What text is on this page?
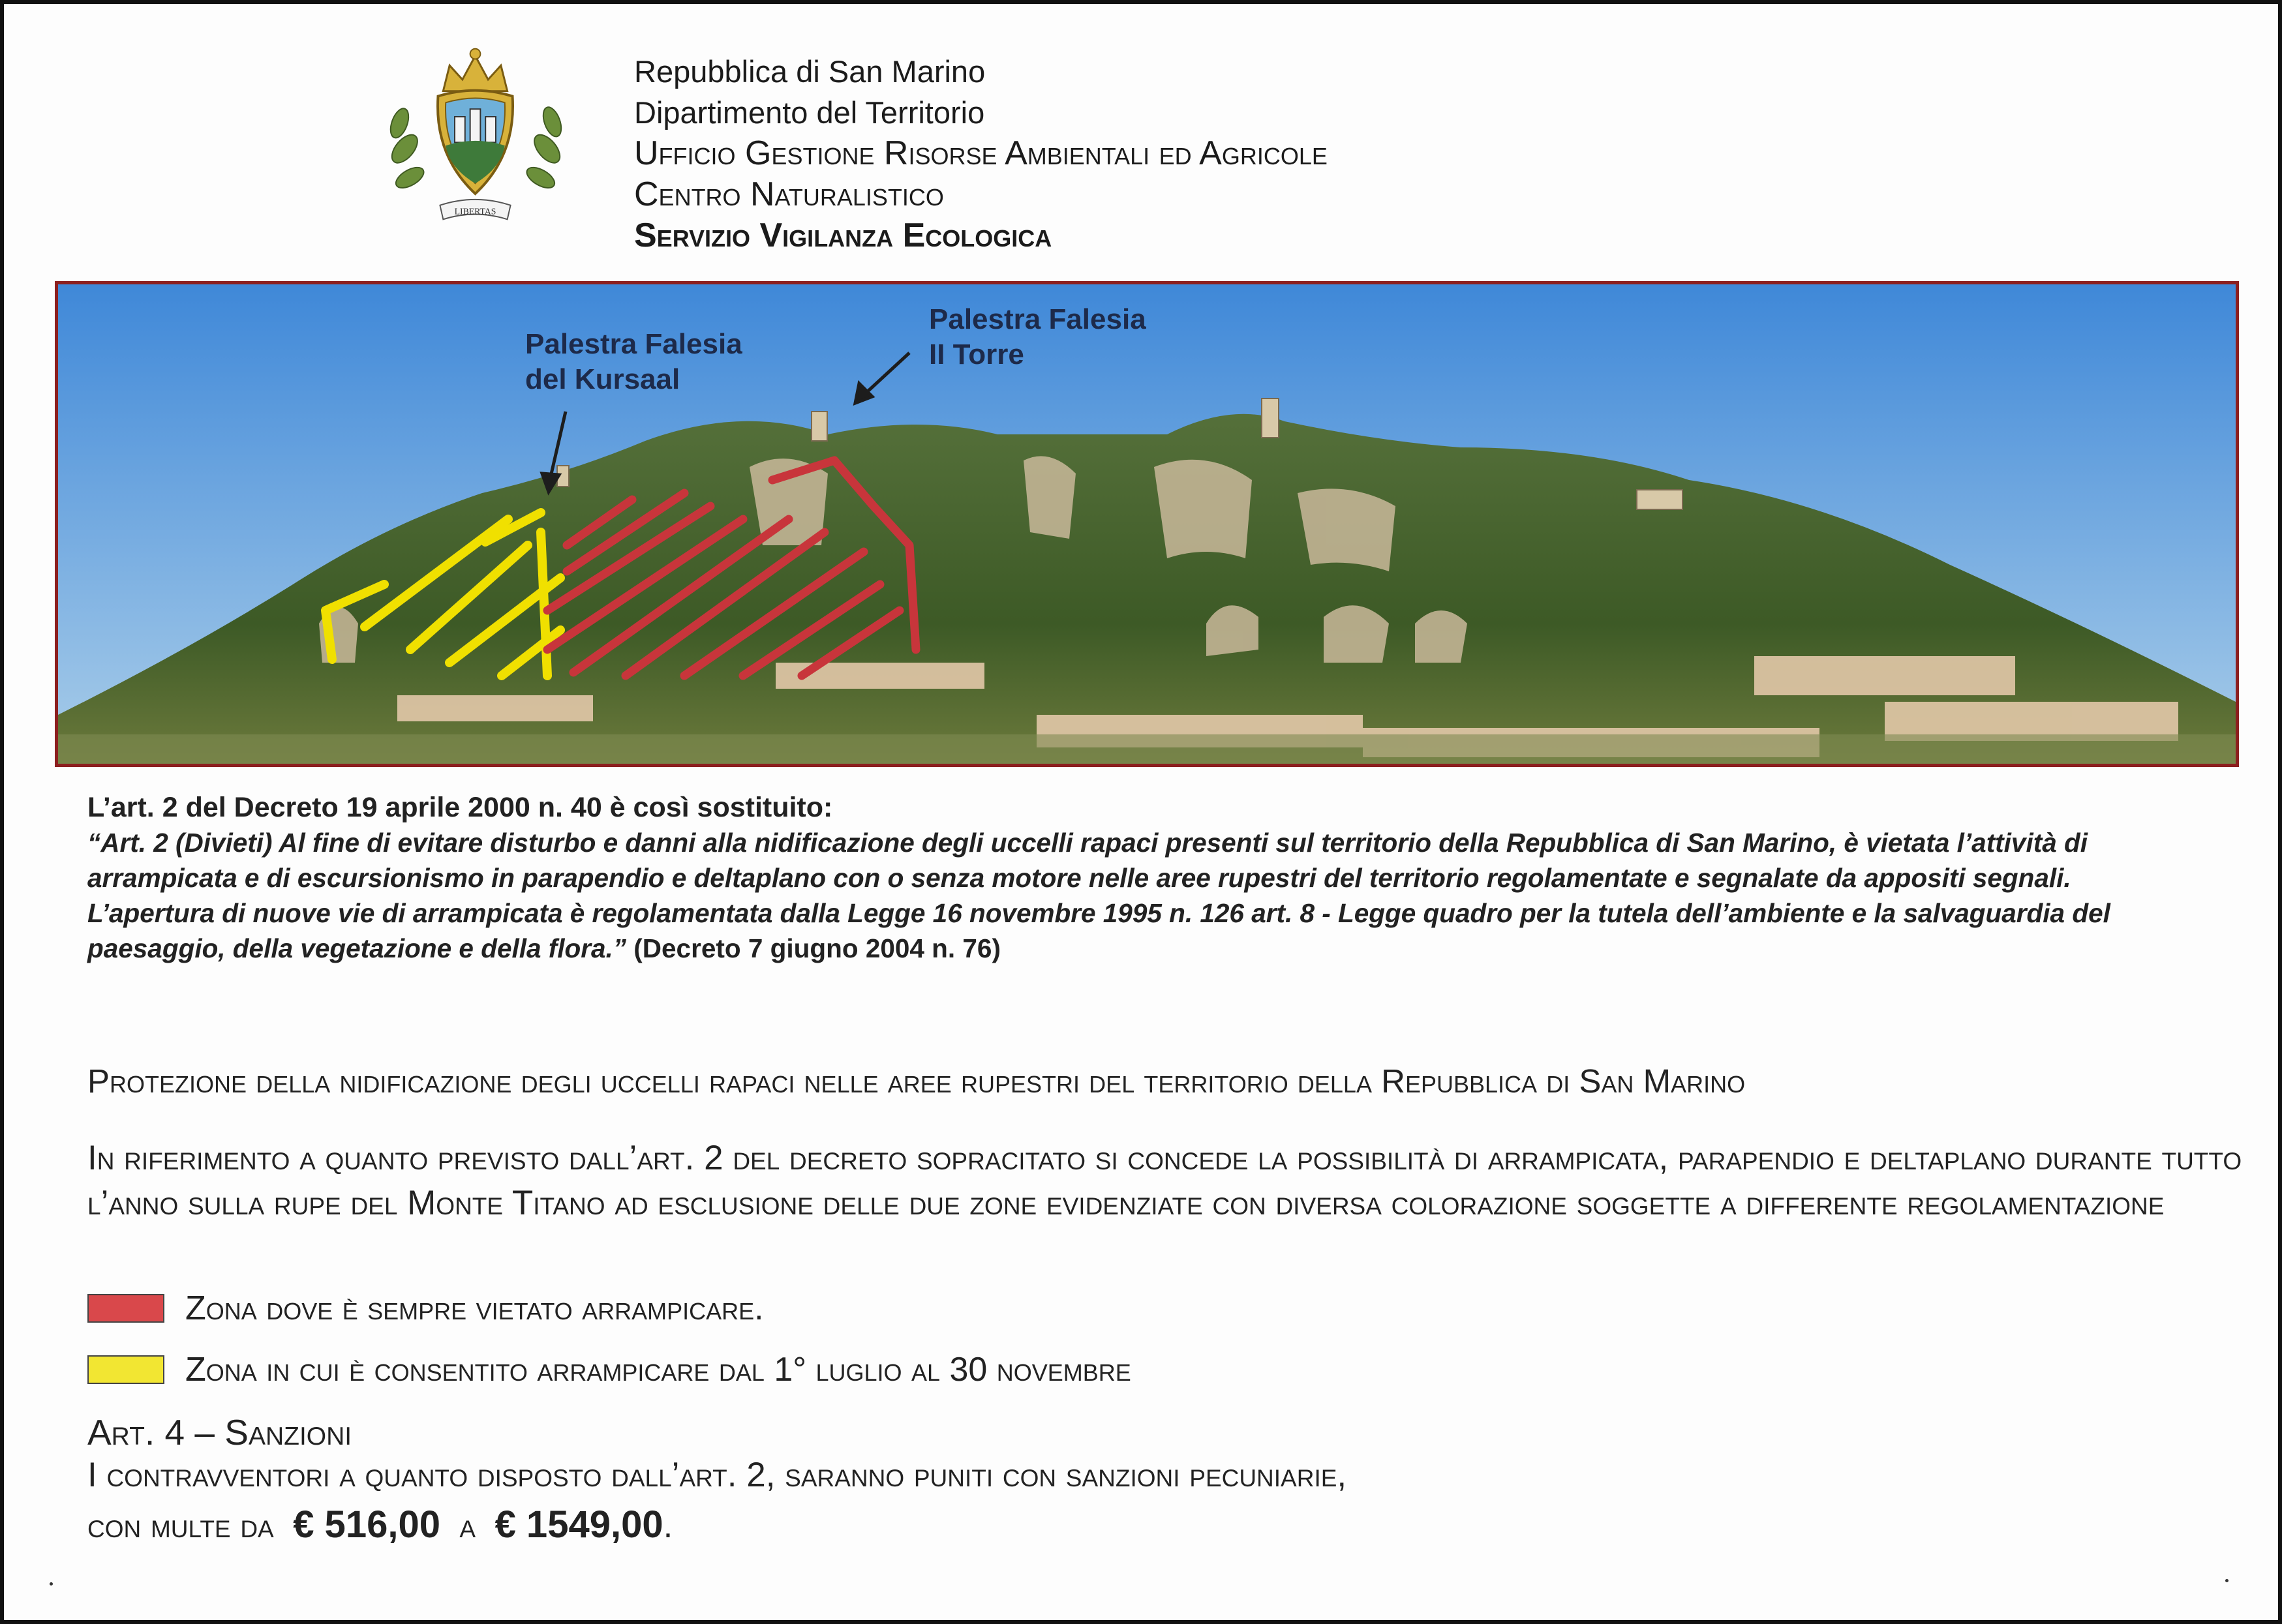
LIBERTAS
Repubblica di San Marino
Dipartimento del Territorio
Ufficio Gestione Risorse Ambientali ed Agricole
Centro Naturalistico
Servizio Vigilanza Ecologica
Palestra Falesia
del Kursaal
Palestra Falesia
II Torre
L’art. 2 del Decreto 19 aprile 2000 n. 40 è così sostituito:
“Art. 2 (Divieti) Al fine di evitare disturbo e danni alla nidificazione degli uccelli rapaci presenti sul territorio della Repubblica di San Marino, è vietata l’attività di arrampicata e di escursionismo in parapendio e deltaplano con o senza motore nelle aree rupestri del territorio regolamentate e segnalate da appositi segnali.
L’apertura di nuove vie di arrampicata è regolamentata dalla Legge 16 novembre 1995 n. 126 art. 8 - Legge quadro per la tutela dell’ambiente e la salvaguardia del paesaggio, della vegetazione e della flora.” (Decreto 7 giugno 2004 n. 76)
Protezione della nidificazione degli uccelli rapaci nelle aree rupestri del territorio della Repubblica di San Marino
In riferimento a quanto previsto dall’art. 2 del decreto sopracitato si concede la possibilità di arrampicata, parapendio e deltaplano durante tutto l’anno sulla rupe del Monte Titano ad esclusione delle due zone evidenziate con diversa colorazione soggette a differente regolamentazione
Zona dove è sempre vietato arrampicare.
Zona in cui è consentito arrampicare dal 1° luglio al 30 novembre
Art. 4 – Sanzioni
I contravventori a quanto disposto dall’art. 2, saranno puniti con sanzioni pecuniarie,
con multe da € 516,00 a € 1549,00.
